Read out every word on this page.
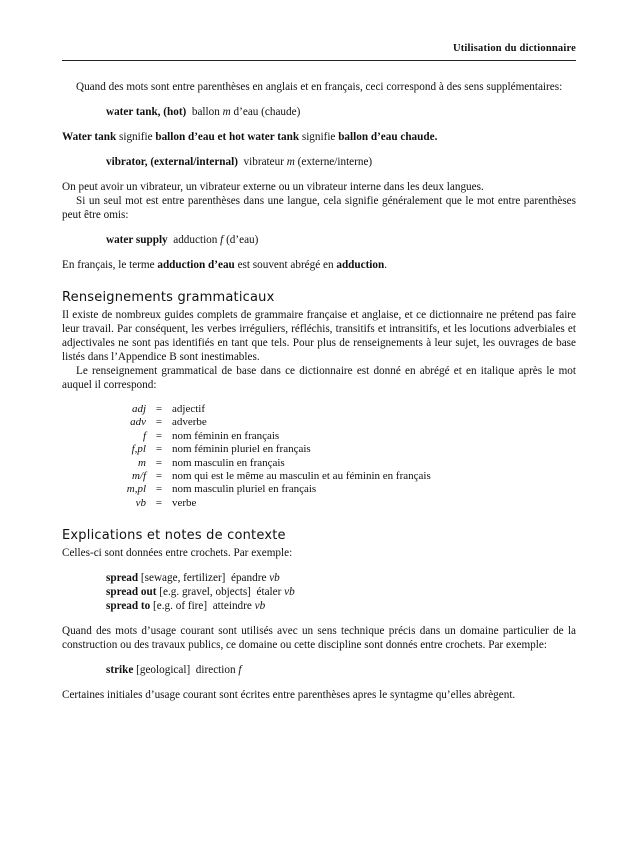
Utilisation du dictionnaire

Quand des mots sont entre parenthèses en anglais et en français, ceci correspond à des sens supplémentaires:

water tank, (hot) ballon m d’eau (chaude)

Water tank signifie ballon d’eau et hot water tank signifie ballon d’eau chaude.

vibrator, (external/internal) vibrateur m (externe/interne)

On peut avoir un vibrateur, un vibrateur externe ou un vibrateur interne dans les deux langues.

Si un seul mot est entre parenthèses dans une langue, cela signifie généralement que le mot entre parenthèses peut être omis:

water supply adduction f (d’eau)

En français, le terme adduction d’eau est souvent abrégé en adduction.

Renseignements grammaticaux

Il existe de nombreux guides complets de grammaire française et anglaise, et ce dictionnaire ne prétend pas faire leur travail. Par conséquent, les verbes irréguliers, réfléchis, transitifs et intransitifs, et les locutions adverbiales et adjectivales ne sont pas identifiés en tant que tels. Pour plus de renseignements à leur sujet, les ouvrages de base listés dans l’Appendice B sont inestimables.

Le renseignement grammatical de base dans ce dictionnaire est donné en abrégé et en italique après le mot auquel il correspond:

adj	=	adjectif
adv	=	adverbe
f	=	nom féminin en français
f,pl	=	nom féminin pluriel en français
m	=	nom masculin en français
m/f	=	nom qui est le même au masculin et au féminin en français
m,pl	=	nom masculin pluriel en français
vb	=	verbe
Explications et notes de contexte

Celles-ci sont données entre crochets. Par exemple:

spread [sewage, fertilizer] épandre vb

spread out [e.g. gravel, objects] étaler vb

spread to [e.g. of fire] atteindre vb

Quand des mots d’usage courant sont utilisés avec un sens technique précis dans un domaine particulier de la construction ou des travaux publics, ce domaine ou cette discipline sont donnés entre crochets. Par exemple:

strike [geological] direction f

Certaines initiales d’usage courant sont écrites entre parenthèses apres le syntagme qu’elles abrègent.
